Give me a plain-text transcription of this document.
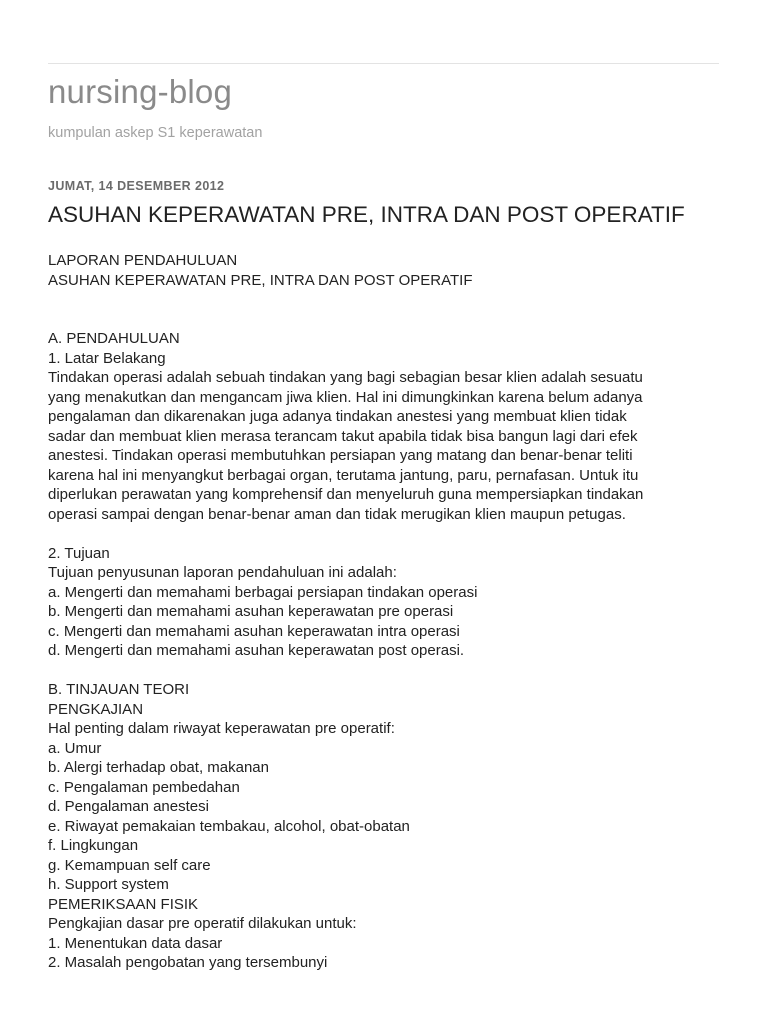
nursing-blog
kumpulan askep S1 keperawatan
JUMAT, 14 DESEMBER 2012
ASUHAN KEPERAWATAN PRE, INTRA DAN POST OPERATIF
LAPORAN PENDAHULUAN
ASUHAN KEPERAWATAN PRE, INTRA DAN POST OPERATIF
A. PENDAHULUAN
1. Latar Belakang
Tindakan operasi adalah sebuah tindakan yang bagi sebagian besar klien adalah sesuatu
yang menakutkan dan mengancam jiwa klien. Hal ini dimungkinkan karena belum adanya
pengalaman dan dikarenakan juga adanya tindakan anestesi yang membuat klien tidak
sadar dan membuat klien merasa terancam takut apabila tidak bisa bangun lagi dari efek
anestesi. Tindakan operasi membutuhkan persiapan yang matang dan benar-benar teliti
karena hal ini menyangkut berbagai organ, terutama jantung, paru, pernafasan. Untuk itu
diperlukan perawatan yang komprehensif dan menyeluruh guna mempersiapkan tindakan
operasi sampai dengan benar-benar aman dan tidak merugikan klien maupun petugas.
2. Tujuan
Tujuan penyusunan laporan pendahuluan ini adalah:
a. Mengerti dan memahami berbagai persiapan tindakan operasi
b. Mengerti dan memahami asuhan keperawatan pre operasi
c. Mengerti dan memahami asuhan keperawatan intra operasi
d. Mengerti dan memahami asuhan keperawatan post operasi.
B. TINJAUAN TEORI
PENGKAJIAN
Hal penting dalam riwayat keperawatan pre operatif:
a. Umur
b. Alergi terhadap obat, makanan
c. Pengalaman pembedahan
d. Pengalaman anestesi
e. Riwayat pemakaian tembakau, alcohol, obat-obatan
f. Lingkungan
g. Kemampuan self care
h. Support system
PEMERIKSAAN FISIK
Pengkajian dasar pre operatif dilakukan untuk:
1. Menentukan data dasar
2. Masalah pengobatan yang tersembunyi
